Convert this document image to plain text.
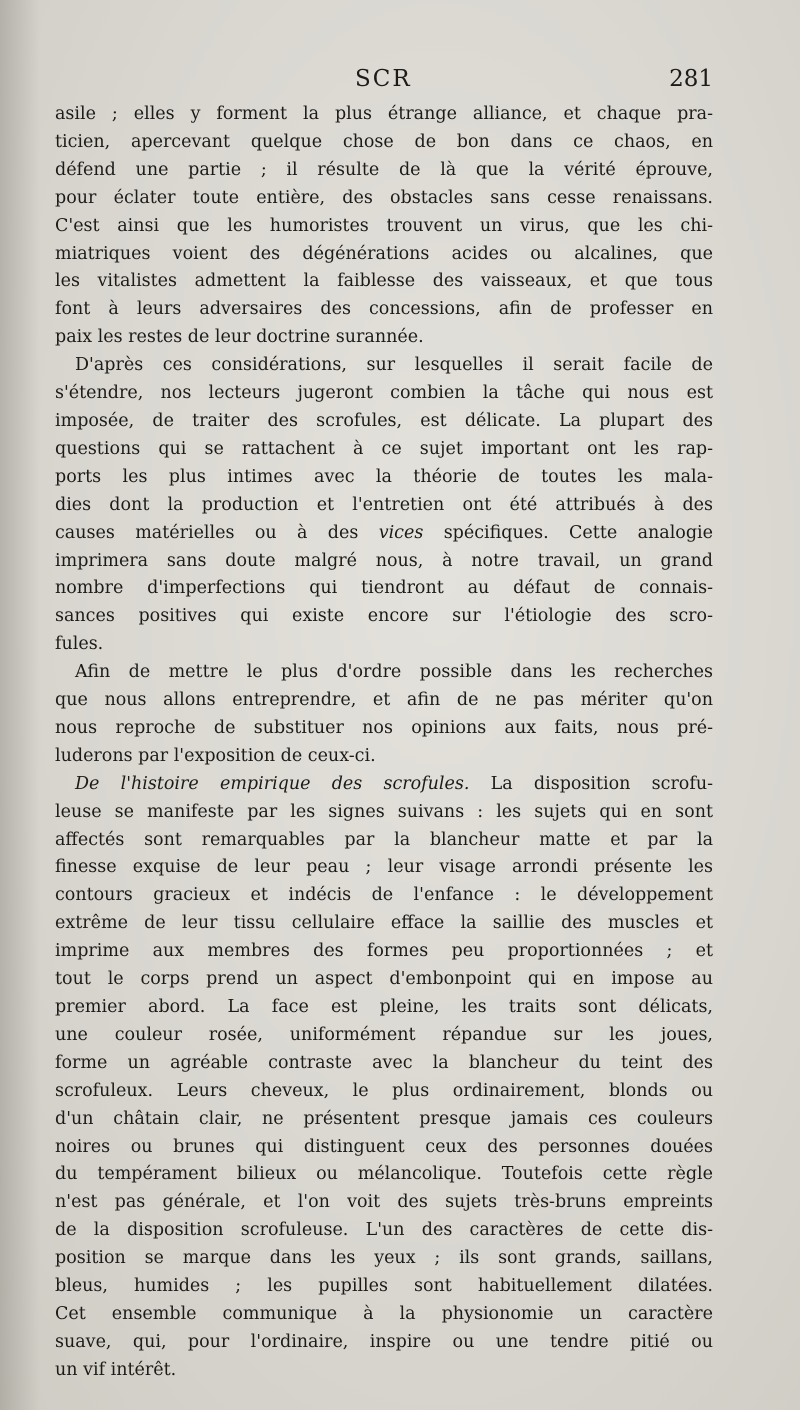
SCR	281

asile ; elles y forment la plus étrange alliance, et chaque pra-
ticien, apercevant quelque chose de bon dans ce chaos, en
défend une partie ; il résulte de là que la vérité éprouve,
pour éclater toute entière, des obstacles sans cesse renaissans.
C'est ainsi que les humoristes trouvent un virus, que les chi-
miatriques voient des dégénérations acides ou alcalines, que
les vitalistes admettent la faiblesse des vaisseaux, et que tous
font à leurs adversaires des concessions, afin de professer en
paix les restes de leur doctrine surannée.

D'après ces considérations, sur lesquelles il serait facile de
s'étendre, nos lecteurs jugeront combien la tâche qui nous est
imposée, de traiter des scrofules, est délicate. La plupart des
questions qui se rattachent à ce sujet important ont les rap-
ports les plus intimes avec la théorie de toutes les mala-
dies dont la production et l'entretien ont été attribués à des
causes matérielles ou à des vices spécifiques. Cette analogie
imprimera sans doute malgré nous, à notre travail, un grand
nombre d'imperfections qui tiendront au défaut de connais-
sances positives qui existe encore sur l'étiologie des scro-
fules.

Afin de mettre le plus d'ordre possible dans les recherches
que nous allons entreprendre, et afin de ne pas mériter qu'on
nous reproche de substituer nos opinions aux faits, nous pré-
luderons par l'exposition de ceux-ci.

De l'histoire empirique des scrofules. La disposition scrofu-
leuse se manifeste par les signes suivans : les sujets qui en sont
affectés sont remarquables par la blancheur matte et par la
finesse exquise de leur peau ; leur visage arrondi présente les
contours gracieux et indécis de l'enfance : le développement
extrême de leur tissu cellulaire efface la saillie des muscles et
imprime aux membres des formes peu proportionnées ; et
tout le corps prend un aspect d'embonpoint qui en impose au
premier abord. La face est pleine, les traits sont délicats,
une couleur rosée, uniformément répandue sur les joues,
forme un agréable contraste avec la blancheur du teint des
scrofuleux. Leurs cheveux, le plus ordinairement, blonds ou
d'un châtain clair, ne présentent presque jamais ces couleurs
noires ou brunes qui distinguent ceux des personnes douées
du tempérament bilieux ou mélancolique. Toutefois cette règle
n'est pas générale, et l'on voit des sujets très-bruns empreints
de la disposition scrofuleuse. L'un des caractères de cette dis-
position se marque dans les yeux ; ils sont grands, saillans,
bleus, humides ; les pupilles sont habituellement dilatées.
Cet ensemble communique à la physionomie un caractère
suave, qui, pour l'ordinaire, inspire ou une tendre pitié ou
un vif intérêt.
